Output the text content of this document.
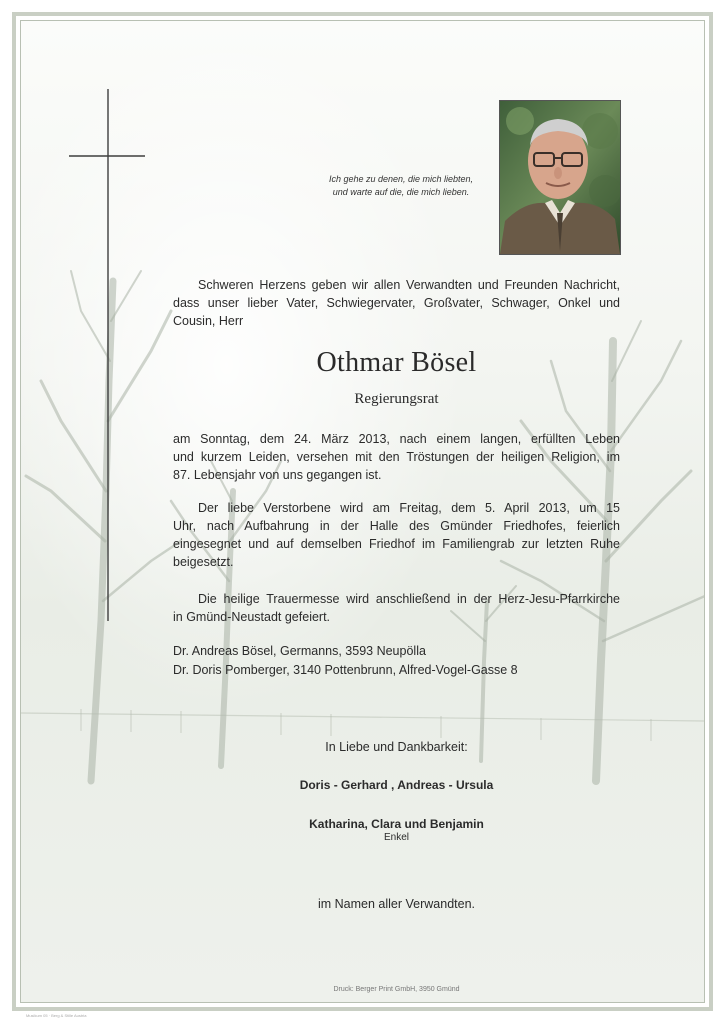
Ich gehe zu denen, die mich liebten,
und warte auf die, die mich lieben.
Schweren Herzens geben wir allen Verwandten und Freunden Nachricht,
dass unser lieber Vater, Schwiegervater, Großvater, Schwager, Onkel und
Cousin, Herr
Othmar Bösel
Regierungsrat
am Sonntag, dem 24. März 2013, nach einem langen, erfüllten Leben
und kurzem Leiden, versehen mit den Tröstungen der heiligen Religion, im
87. Lebensjahr von uns gegangen ist.
Der liebe Verstorbene wird am Freitag, dem 5. April 2013, um 15
Uhr, nach Aufbahrung in der Halle des Gmünder Friedhofes, feierlich
eingesegnet und auf demselben Friedhof im Familiengrab zur letzten Ruhe
beigesetzt.
Die heilige Trauermesse wird anschließend in der Herz-Jesu-Pfarrkirche
in Gmünd-Neustadt gefeiert.
Dr. Andreas Bösel, Germanns, 3593 Neupölla
Dr. Doris Pomberger, 3140 Pottenbrunn, Alfred-Vogel-Gasse 8
In Liebe und Dankbarkeit:
Doris - Gerhard , Andreas - Ursula
Katharina, Clara und Benjamin
Enkel
im Namen aller Verwandten.
Druck: Berger Print GmbH, 3950 Gmünd
Musikum 05 · Berg & Stille Austria
